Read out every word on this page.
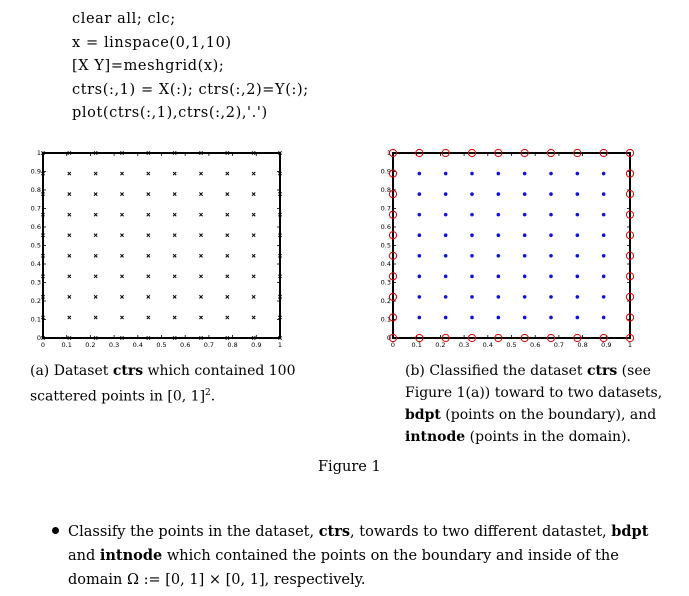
clear all; clc;
x = linspace(0,1,10)
[X Y]=meshgrid(x);
ctrs(:,1) = X(:); ctrs(:,2)=Y(:);
plot(ctrs(:,1),ctrs(:,2),'.')
0	0.1 0.2 0.3 0.4 0.5 0.6 0.7 0.8 0.9	1
0
0.1
0.2
0.3
0.4
0.5
0.6
0.7
0.8
0.9
1
0	0.1 0.2 0.3 0.4 0.5 0.6 0.7 0.8 0.9	1
0
0.1
0.2
0.3
0.4
0.5
0.6
0.7
0.8
0.9
1
(a) Dataset ctrs which contained 100 scattered points in [0, 1]$^2$.
(b) Classified the dataset ctrs (see Figure 1(a)) toward to two datasets, bdpt (points on the boundary), and intnode (points in the domain).
Figure 1
Classify the points in the dataset, ctrs, towards to two different datastet, bdpt and intnode which contained the points on the boundary and inside of the domain Ω := [0, 1] × [0, 1], respectively.
